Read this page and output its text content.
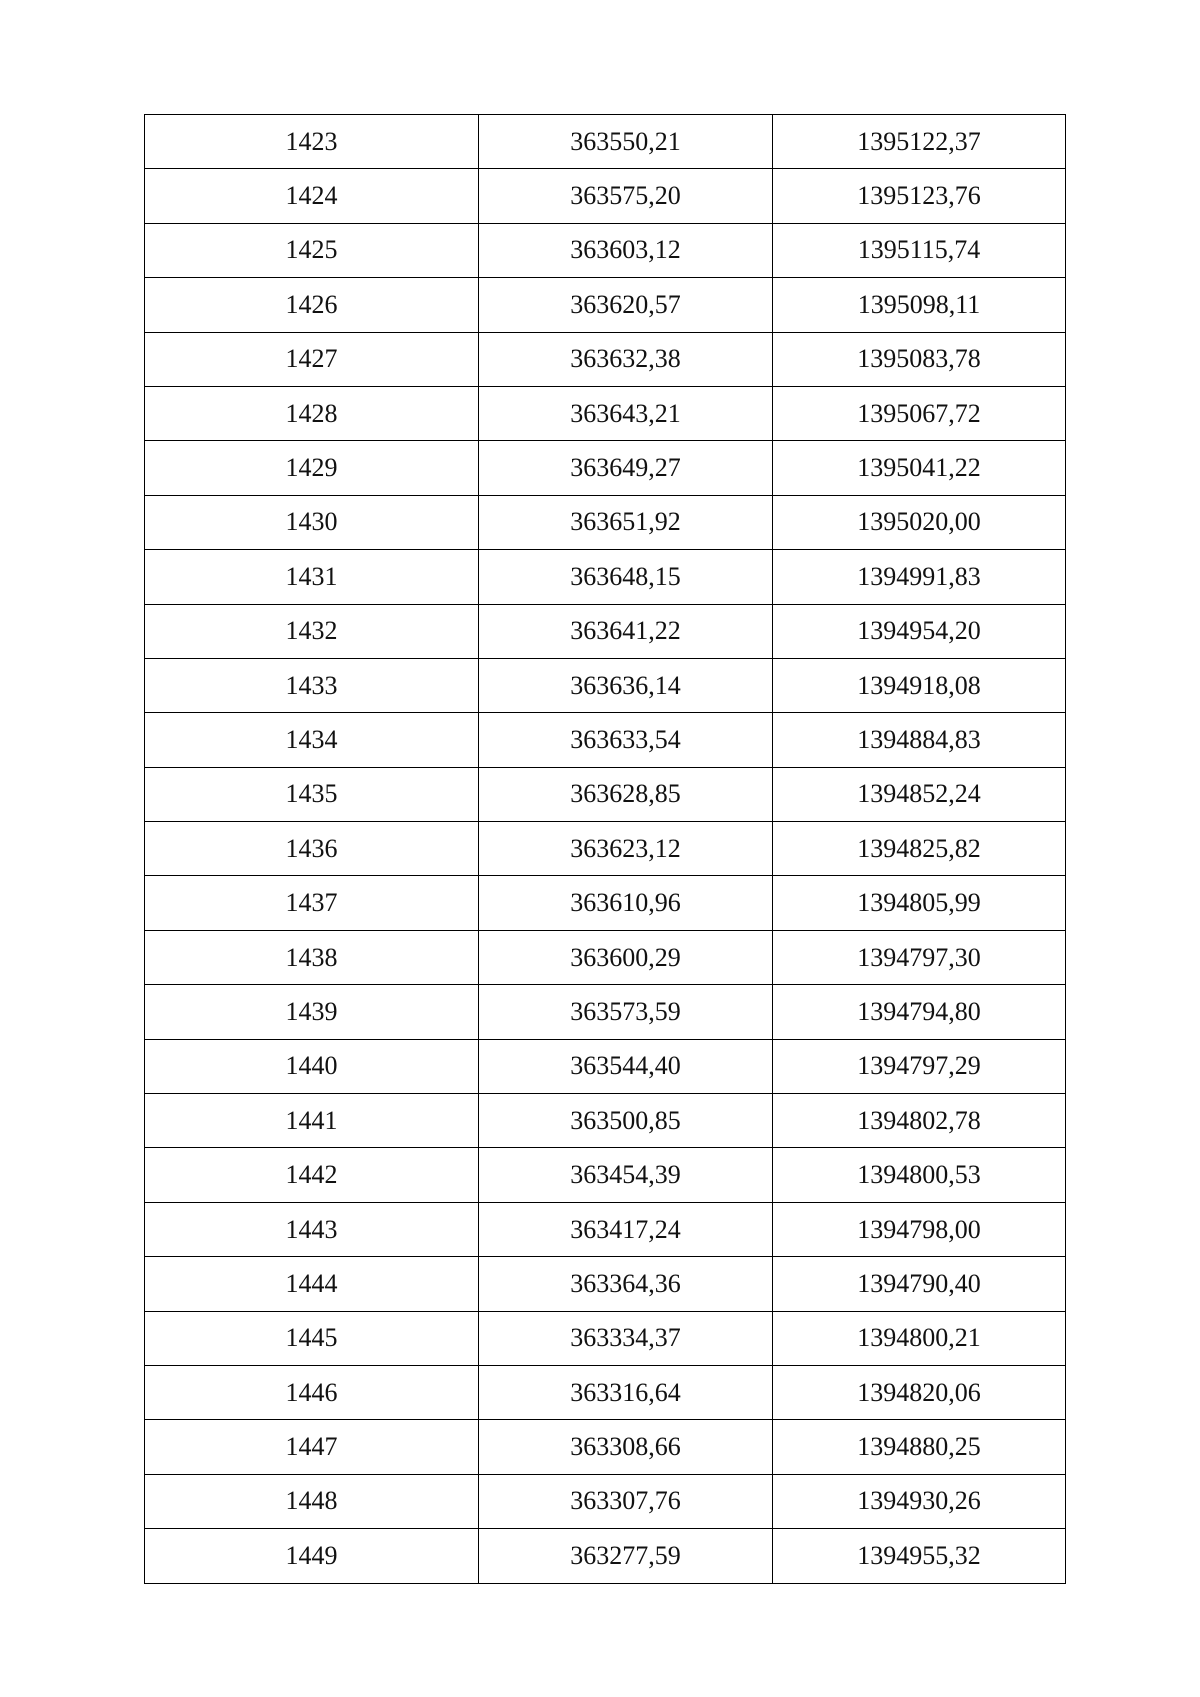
1423	363550,21	1395122,37
1424	363575,20	1395123,76
1425	363603,12	1395115,74
1426	363620,57	1395098,11
1427	363632,38	1395083,78
1428	363643,21	1395067,72
1429	363649,27	1395041,22
1430	363651,92	1395020,00
1431	363648,15	1394991,83
1432	363641,22	1394954,20
1433	363636,14	1394918,08
1434	363633,54	1394884,83
1435	363628,85	1394852,24
1436	363623,12	1394825,82
1437	363610,96	1394805,99
1438	363600,29	1394797,30
1439	363573,59	1394794,80
1440	363544,40	1394797,29
1441	363500,85	1394802,78
1442	363454,39	1394800,53
1443	363417,24	1394798,00
1444	363364,36	1394790,40
1445	363334,37	1394800,21
1446	363316,64	1394820,06
1447	363308,66	1394880,25
1448	363307,76	1394930,26
1449	363277,59	1394955,32
